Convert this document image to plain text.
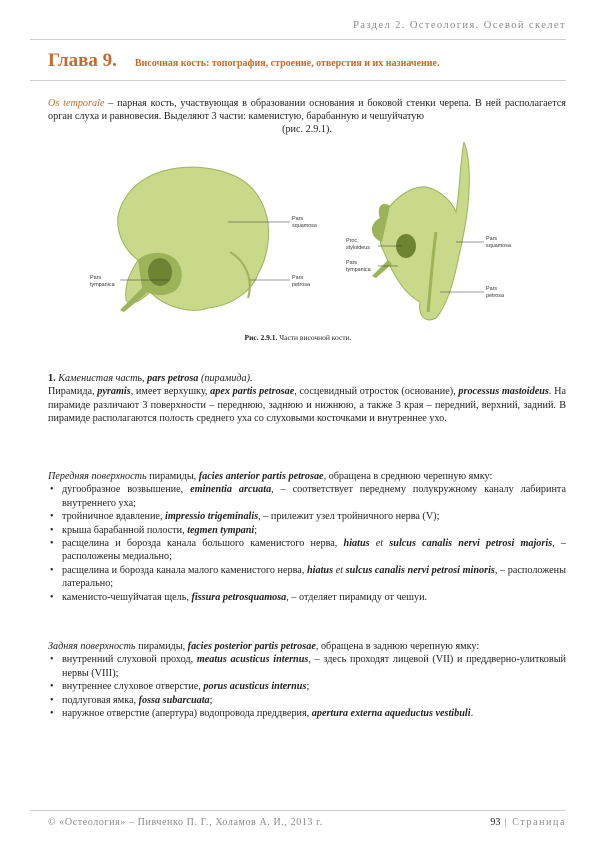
Раздел 2. Остеология. Осевой скелет
Глава 9. Височная кость: топография, строение, отверстия и их назначение.
Os temporale – парная кость, участвующая в образовании основания и боковой стенки черепа. В ней располагается орган слуха и равновесия. Выделяют 3 части: каменистую, барабанную и чешуйчатую
(рис. 2.9.1).
Pars squamosa
Pars tympanica
Pars petrosa
Proc. styloideus
Pars tympanica
Pars squamosa
Pars petrosa
Рис. 2.9.1. Части височной кости.

1. Каменистая часть, pars petrosa (пирамида).

Пирамида, pyramis, имеет верхушку, apex partis petrosae, сосцевидный отросток (основание), processus mastoideus. На пирамиде различают 3 поверхности – переднюю, заднюю и нижнюю, а также 3 края – передний, верхний, задний. В пирамиде располагаются полость среднего уха со слуховыми косточками и внутреннее ухо.

Передняя поверхность пирамиды, facies anterior partis petrosae, обращена в среднюю черепную ямку:

• дугообразное возвышение, eminentia arcuata, – соответствует переднему полукружному каналу лабиринта внутреннего уха;
• тройничное вдавление, impressio trigeminalis, – прилежит узел тройничного нерва (V);
• крыша барабанной полости, tegmen tympani;
• расщелина и борозда канала большого каменистого нерва, hiatus et sulcus canalis nervi petrosi majoris, – расположены медиально;
• расщелина и борозда канала малого каменистого нерва, hiatus et sulcus canalis nervi petrosi minoris, – расположены латерально;
• каменисто-чешуйчатая щель, fissura petrosquamosa, – отделяет пирамиду от чешуи.

Задняя поверхность пирамиды, facies posterior partis petrosae, обращена в заднюю черепную ямку:

• внутренний слуховой проход, meatus acusticus internus, – здесь проходят лицевой (VII) и преддверно-улитковый нервы (VIII);
• внутреннее слуховое отверстие, porus acusticus internus;
• подлуговая ямка, fossa subarcuata;
• наружное отверстие (апертура) водопровода преддверия, apertura externa aqueductus vestibuli.
© «Остеология» – Пивченко П. Г., Холамов А. И., 2013 г.	93 | Страница
